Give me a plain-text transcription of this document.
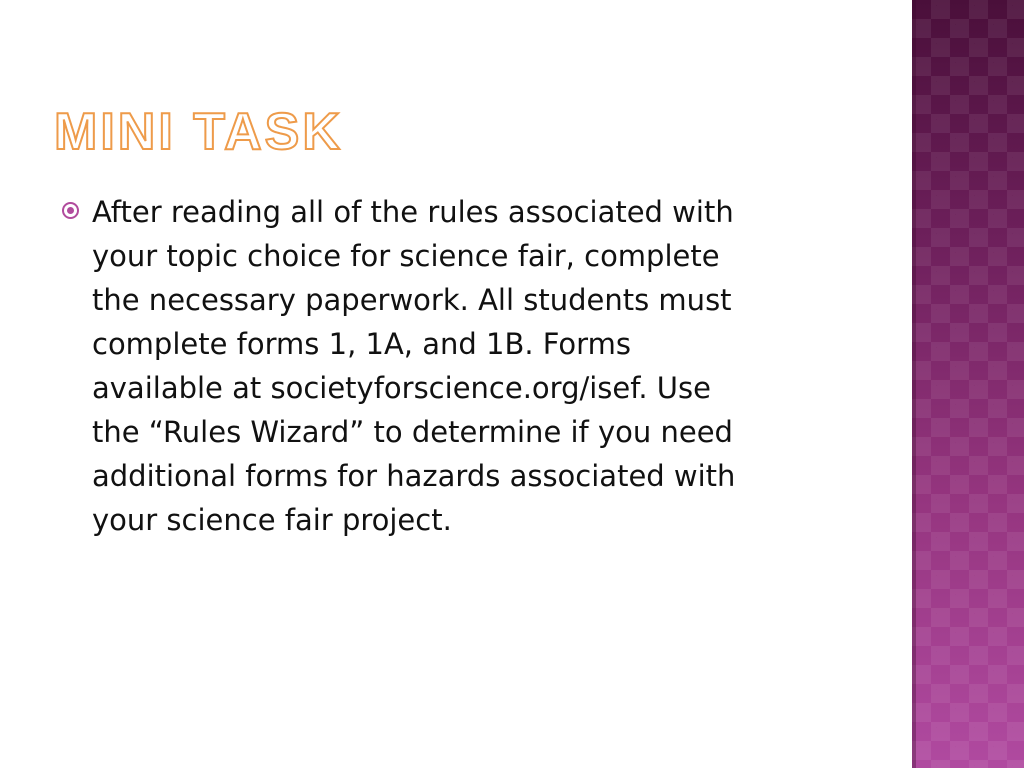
MINI TASK

After reading all of the rules associated with
your topic choice for science fair, complete
the necessary paperwork. All students must
complete forms 1, 1A, and 1B. Forms
available at societyforscience.org/isef. Use
the “Rules Wizard” to determine if you need
additional forms for hazards associated with
your science fair project.
